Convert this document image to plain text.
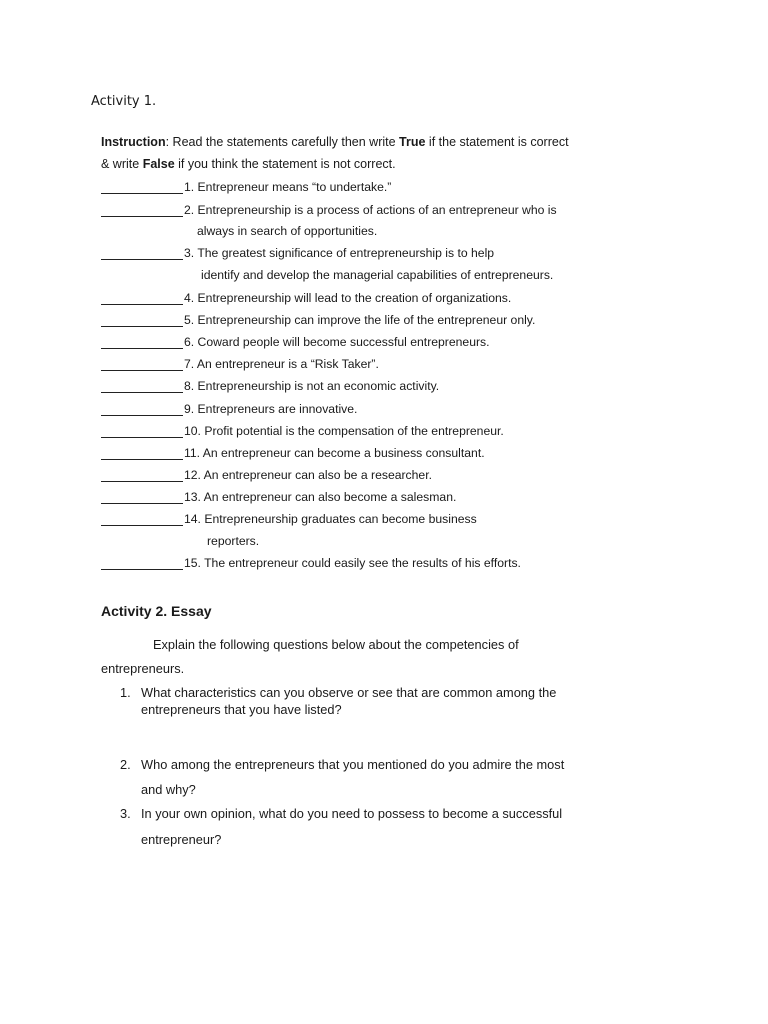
Activity 1.
Instruction: Read the statements carefully then write True if the statement is correct
& write False if you think the statement is not correct.
1. Entrepreneur means “to undertake.”
2. Entrepreneurship is a process of actions of an entrepreneur who is
always in search of opportunities.
3. The greatest significance of entrepreneurship is to help
identify and develop the managerial capabilities of entrepreneurs.
4. Entrepreneurship will lead to the creation of organizations.
5. Entrepreneurship can improve the life of the entrepreneur only.
6. Coward people will become successful entrepreneurs.
7. An entrepreneur is a “Risk Taker”.
8. Entrepreneurship is not an economic activity.
9. Entrepreneurs are innovative.
10. Profit potential is the compensation of the entrepreneur.
11. An entrepreneur can become a business consultant.
12. An entrepreneur can also be a researcher.
13. An entrepreneur can also become a salesman.
14. Entrepreneurship graduates can become business
reporters.
15. The entrepreneur could easily see the results of his efforts.
Activity 2. Essay
Explain the following questions below about the competencies of
entrepreneurs.
1. What characteristics can you observe or see that are common among the
entrepreneurs that you have listed?
2. Who among the entrepreneurs that you mentioned do you admire the most
and why?
3. In your own opinion, what do you need to possess to become a successful
entrepreneur?
